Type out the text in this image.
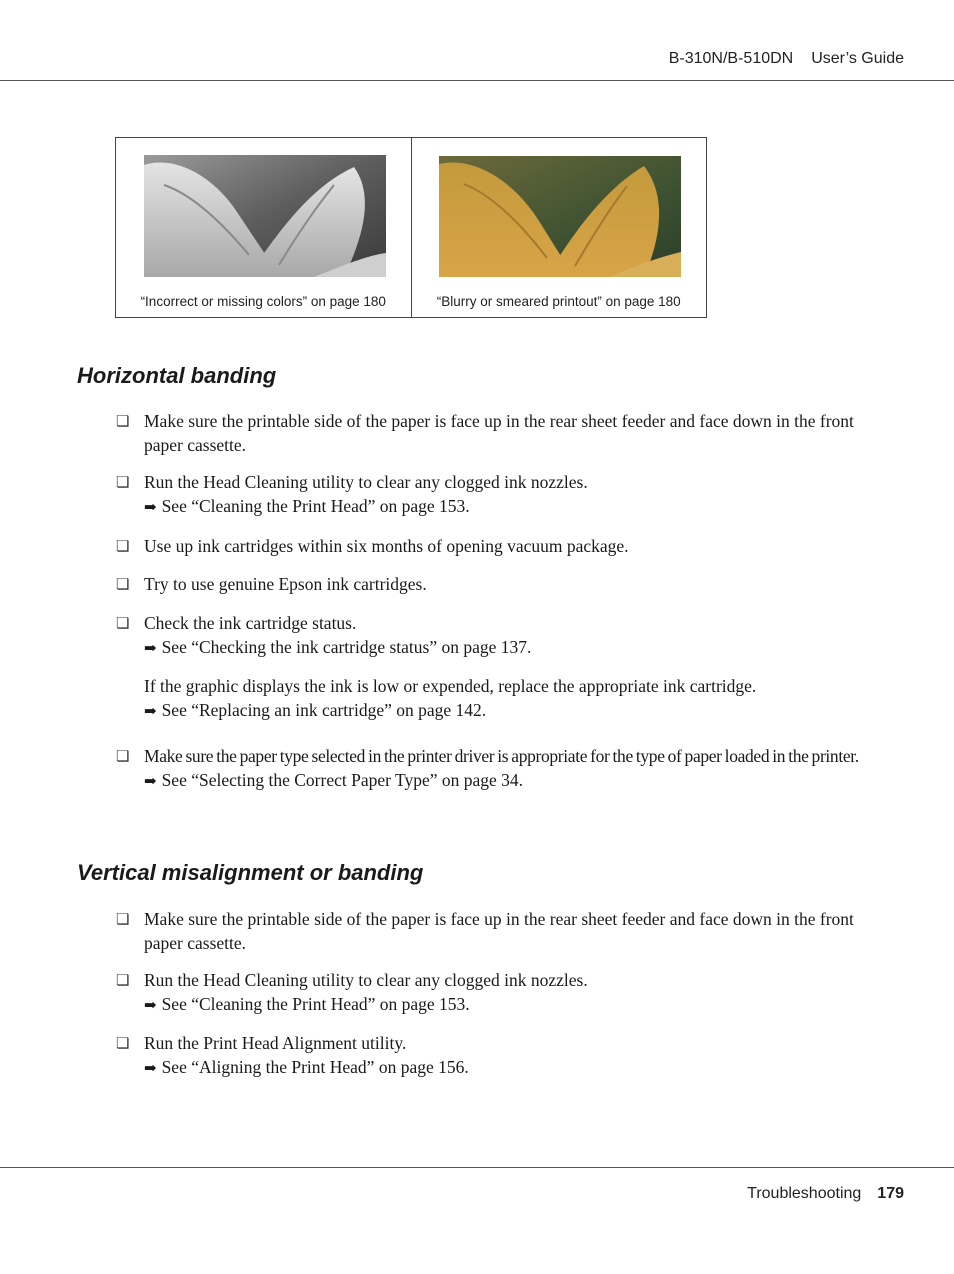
B-310N/B-510DN User’s Guide
“Incorrect or missing colors” on page 180	“Blurry or smeared printout” on page 180
Horizontal banding
❏ Make sure the printable side of the paper is face up in the rear sheet feeder and face down in the front paper cassette.
❏ Run the Head Cleaning utility to clear any clogged ink nozzles.
➡ See “Cleaning the Print Head” on page 153.
❏ Use up ink cartridges within six months of opening vacuum package.
❏ Try to use genuine Epson ink cartridges.
❏ Check the ink cartridge status.
➡ See “Checking the ink cartridge status” on page 137.
If the graphic displays the ink is low or expended, replace the appropriate ink cartridge.
➡ See “Replacing an ink cartridge” on page 142.
❏ Make sure the paper type selected in the printer driver is appropriate for the type of paper loaded in the printer.
➡ See “Selecting the Correct Paper Type” on page 34.
Vertical misalignment or banding
❏ Make sure the printable side of the paper is face up in the rear sheet feeder and face down in the front paper cassette.
❏ Run the Head Cleaning utility to clear any clogged ink nozzles.
➡ See “Cleaning the Print Head” on page 153.
❏ Run the Print Head Alignment utility.
➡ See “Aligning the Print Head” on page 156.
Troubleshooting 179
